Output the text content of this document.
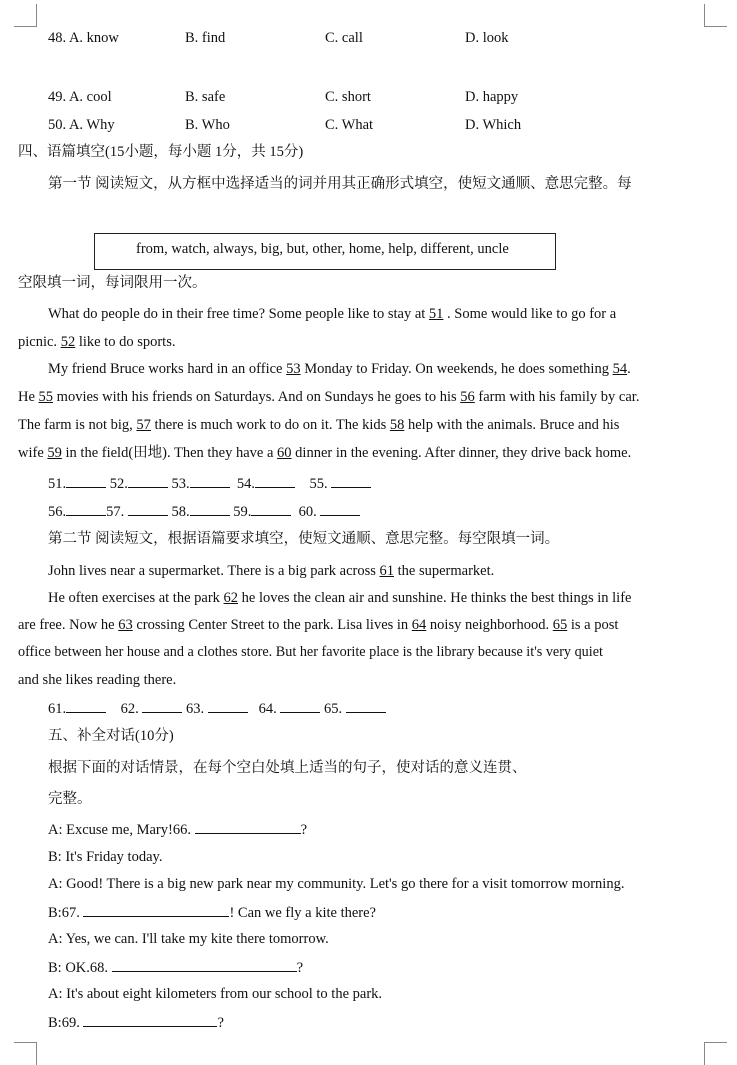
48. A. know	B. find	C. call	D. look
49. A. cool	B. safe	C. short	D. happy
50. A. Why	B. Who	C. What	D. Which
四、语篇填空(15小题，每小题 1分，共 15分)
第一节 阅读短文，从方框中选择适当的词并用其正确形式填空，使短文通顺、意思完整。每
from, watch, always, big, but, other, home, help, different, uncle
空限填一词，每词限用一次。
What do people do in their free time? Some people like to stay at 51 . Some would like to go for a
picnic. 52 like to do sports.
My friend Bruce works hard in an office 53 Monday to Friday. On weekends, he does something 54.
He 55 movies with his friends on Saturdays. And on Sundays he goes to his 56 farm with his family by car.
The farm is not big, 57 there is much work to do on it. The kids 58 help with the animals. Bruce and his
wife 59 in the field(田地). Then they have a 60 dinner in the evening. After dinner, they drive back home.
51.	52.	53.	54.	55.
56.	57.	58.	59.	60.
第二节 阅读短文，根据语篇要求填空，使短文通顺、意思完整。每空限填一词。
John lives near a supermarket. There is a big park across 61 the supermarket.
He often exercises at the park 62 he loves the clean air and sunshine. He thinks the best things in life
are free. Now he 63 crossing Center Street to the park. Lisa lives in 64 noisy neighborhood. 65 is a post
office between her house and a clothes store. But her favorite place is the library because it's very quiet
and she likes reading there.
61.	62.	63.	64.	65.
五、补全对话(10分)
根据下面的对话情景，在每个空白处填上适当的句子，使对话的意义连贯、
完整。
A: Excuse me, Mary!66.	?
B: It's Friday today.
A: Good! There is a big new park near my community. Let's go there for a visit tomorrow morning.
B:67.	! Can we fly a kite there?
A: Yes, we can. I'll take my kite there tomorrow.
B: OK.68.	?
A: It's about eight kilometers from our school to the park.
B:69.	?
